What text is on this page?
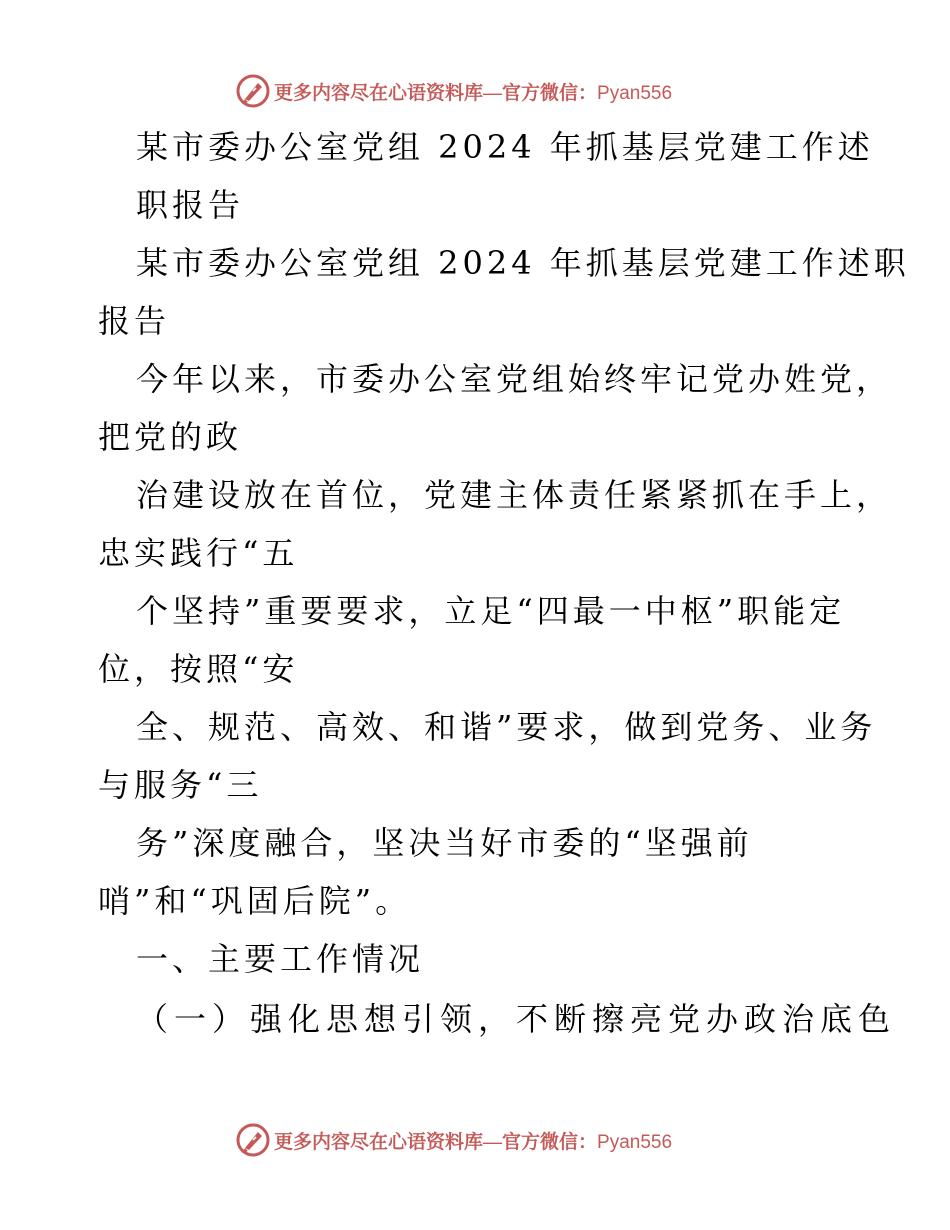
更多内容尽在心语资料库—官方微信：Pyan556
某市委办公室党组 2024 年抓基层党建工作述
职报告
某市委办公室党组 2024 年抓基层党建工作述职
报告
今年以来，市委办公室党组始终牢记党办姓党，
把党的政
治建设放在首位，党建主体责任紧紧抓在手上，
忠实践行“五
个坚持”重要要求，立足“四最一中枢”职能定
位，按照“安
全、规范、高效、和谐”要求，做到党务、业务
与服务“三
务”深度融合，坚决当好市委的“坚强前
哨”和“巩固后院”。
一、主要工作情况
（一）强化思想引领，不断擦亮党办政治底色
更多内容尽在心语资料库—官方微信：Pyan556
